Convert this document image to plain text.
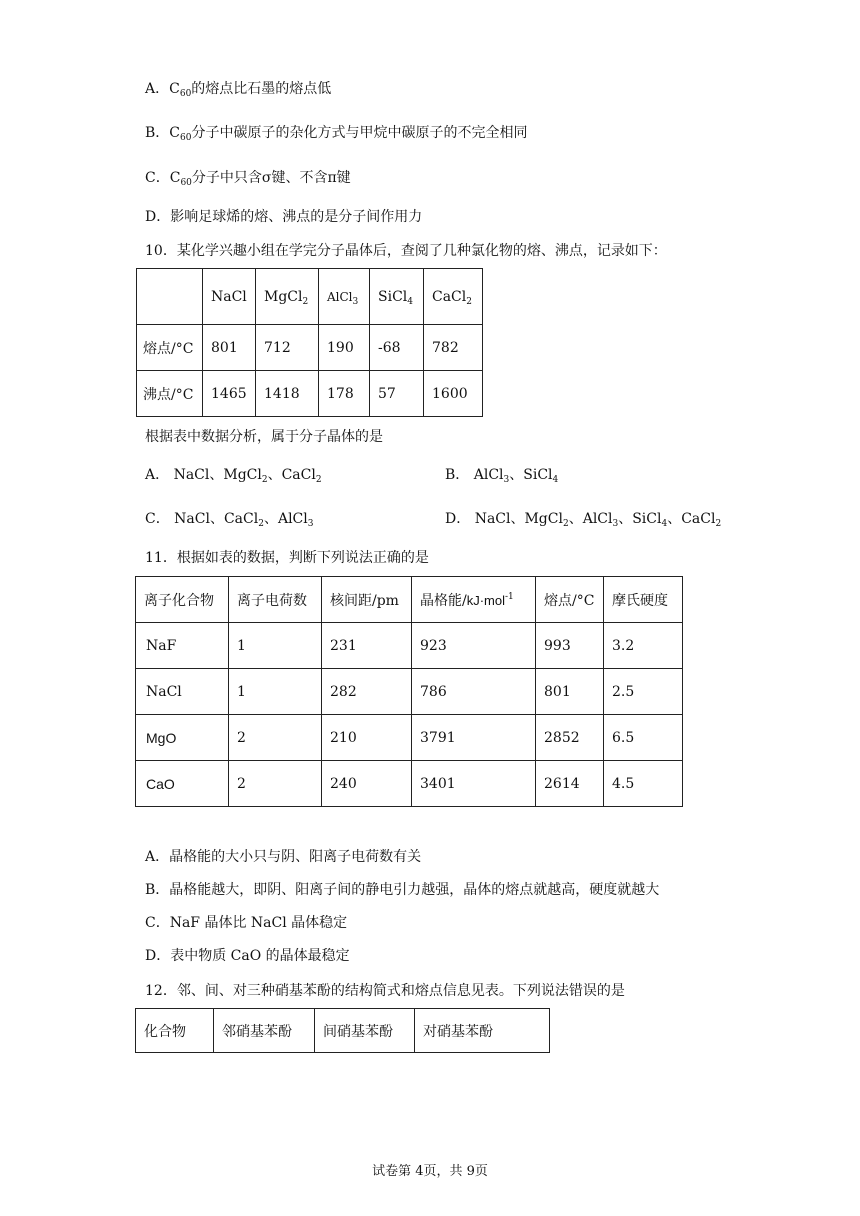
A．$C_{60}$的熔点比石墨的熔点低
B．$C_{60}$分子中碳原子的杂化方式与甲烷中碳原子的不完全相同
C．$C_{60}$分子中只含σ键、不含π键
D．影响足球烯的熔、沸点的是分子间作用力
10．某化学兴趣小组在学完分子晶体后，查阅了几种氯化物的熔、沸点，记录如下：
	NaCl	MgCl$_2$	AlCl$_3$	SiCl$_4$	CaCl$_2$
熔点/°C	801	712	190	-68	782
沸点/°C	1465	1418	178	57	1600
根据表中数据分析，属于分子晶体的是
A． NaCl、MgCl$_2$、CaCl$_2$	B． AlCl$_3$、SiCl$_4$
C． NaCl、CaCl$_2$、AlCl$_3$	D． NaCl、MgCl$_2$、AlCl$_3$、SiCl$_4$、CaCl$_2$
11．根据如表的数据，判断下列说法正确的是
离子化合物	离子电荷数	核间距/pm	晶格能/kJ·mol$^{-1}$	熔点/°C	摩氏硬度
NaF	1	231	923	993	3.2
NaCl	1	282	786	801	2.5
MgO	2	210	3791	2852	6.5
CaO	2	240	3401	2614	4.5
A．晶格能的大小只与阴、阳离子电荷数有关
B．晶格能越大，即阴、阳离子间的静电引力越强，晶体的熔点就越高，硬度就越大
C．NaF 晶体比 NaCl 晶体稳定
D．表中物质 CaO 的晶体最稳定
12．邻、间、对三种硝基苯酚的结构简式和熔点信息见表。下列说法错误的是
化合物	邻硝基苯酚	间硝基苯酚	对硝基苯酚
试卷第 4页，共 9页
